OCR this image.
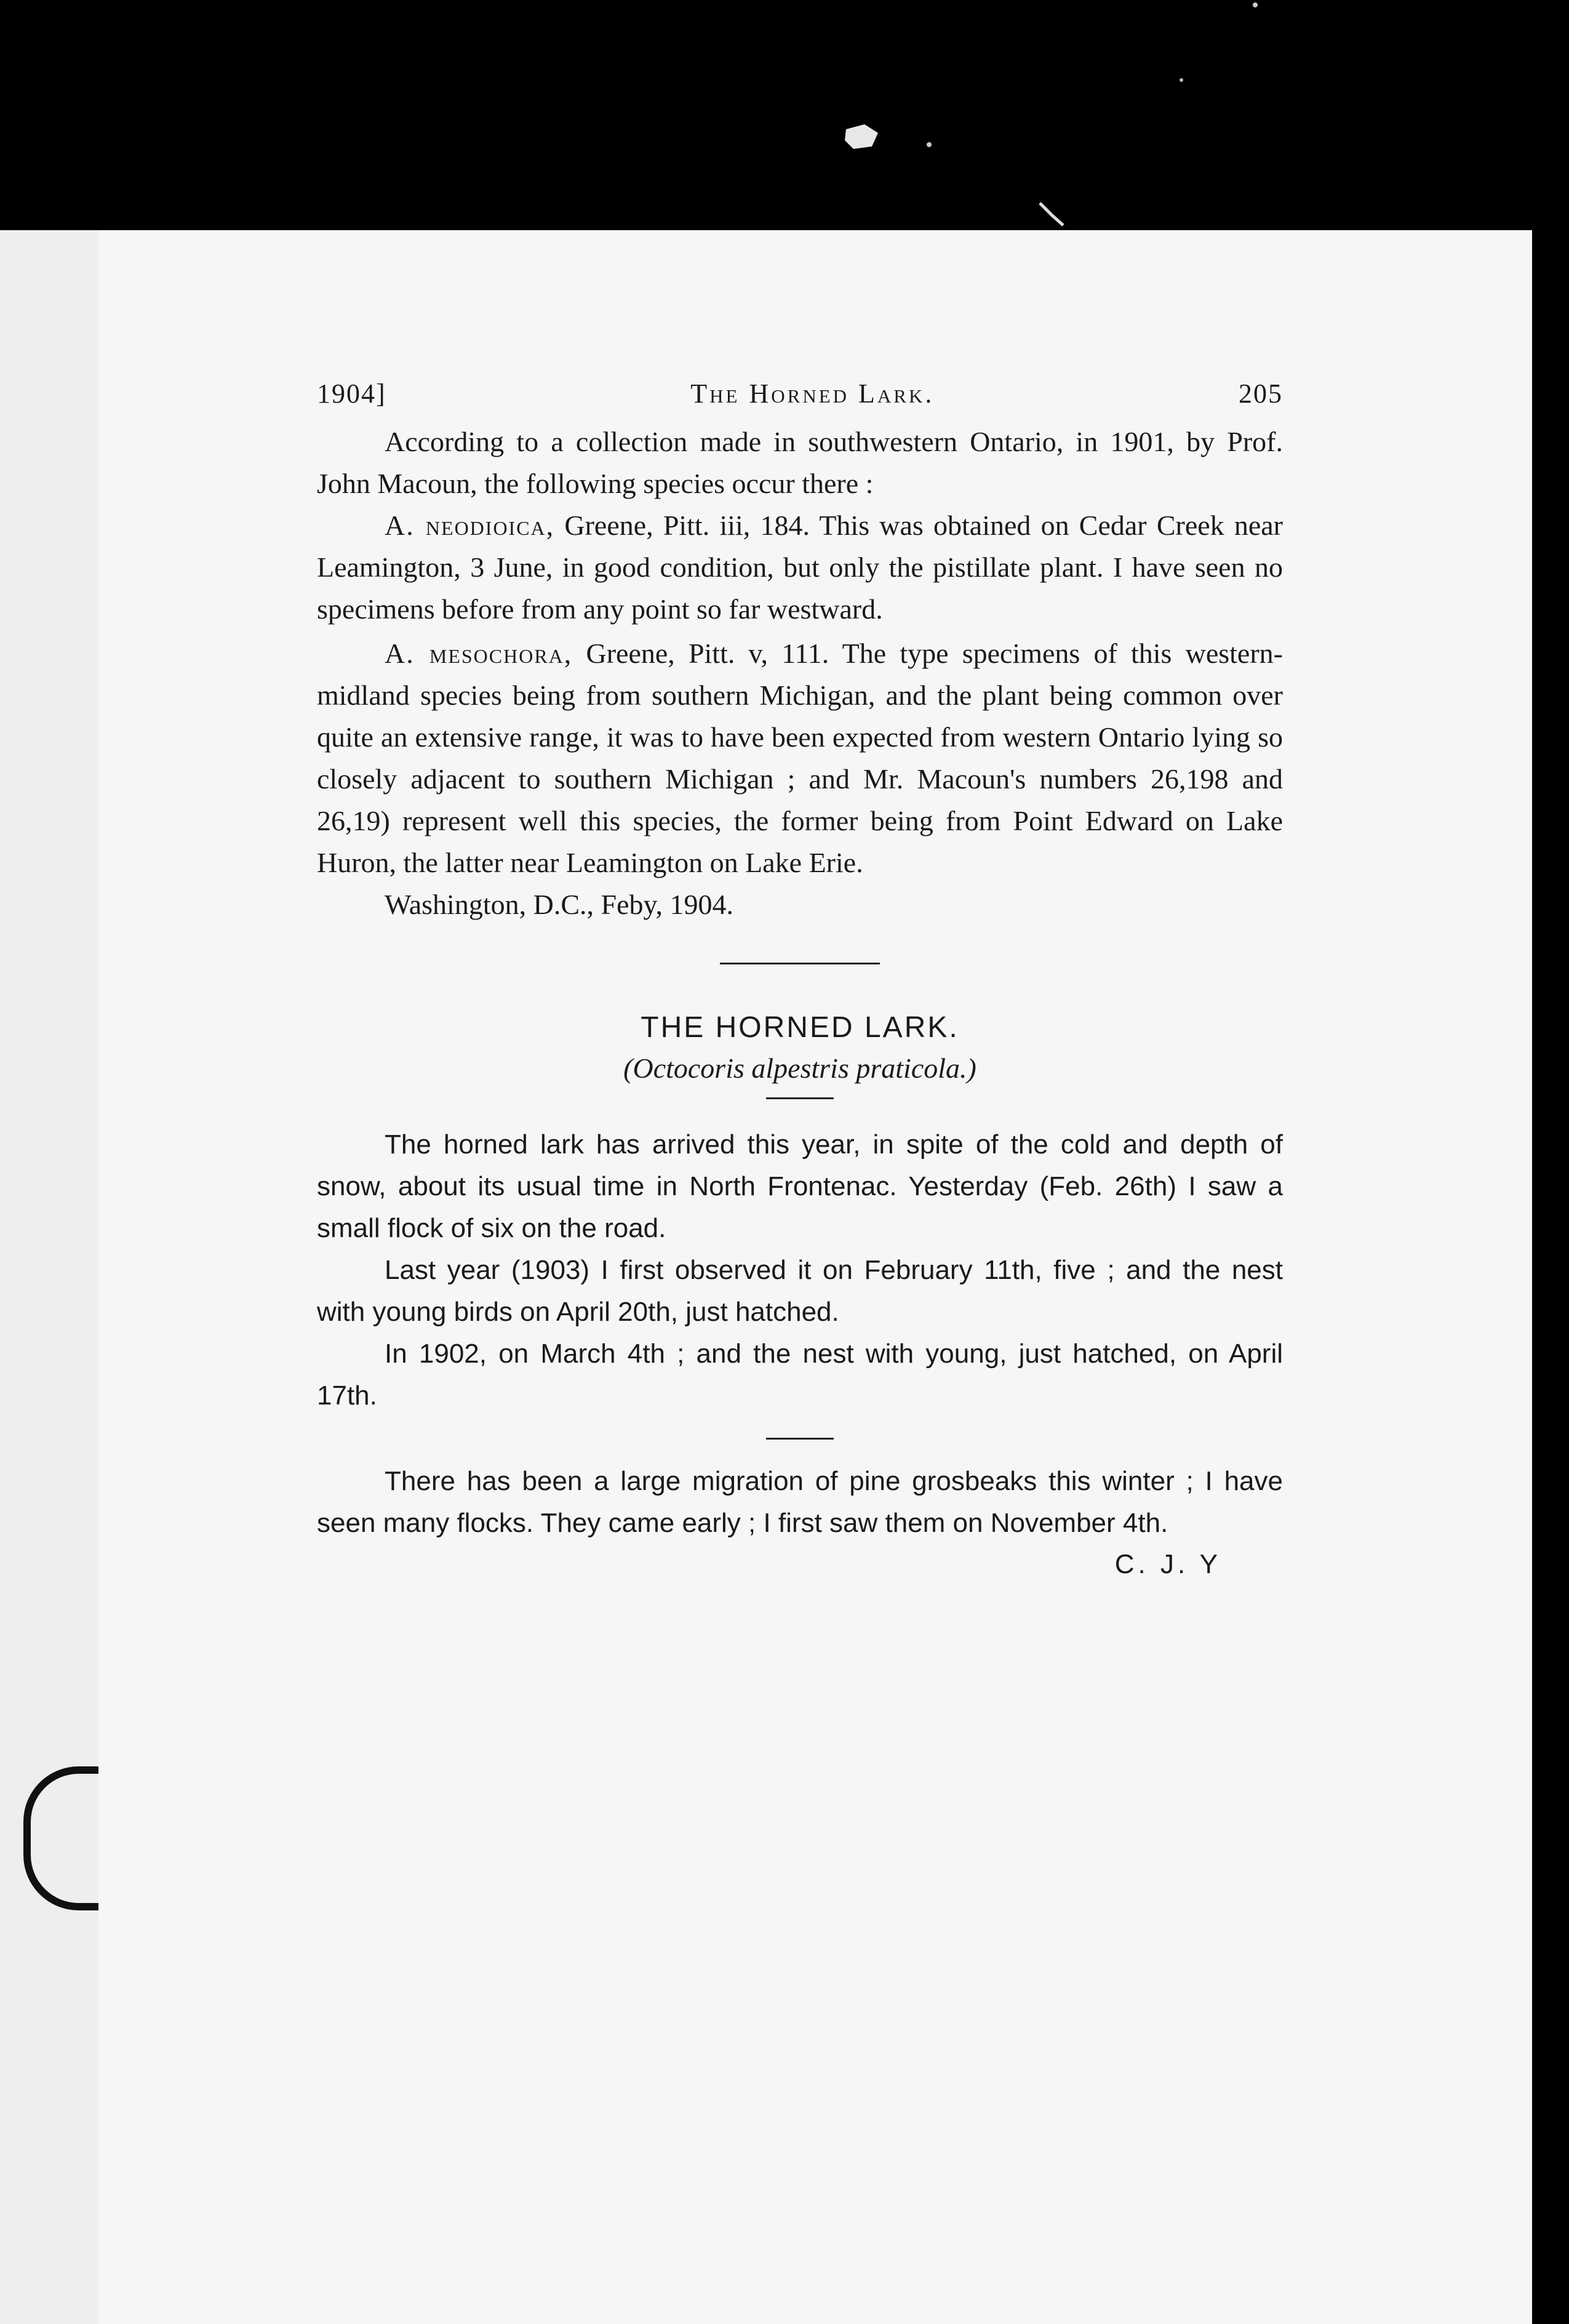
1904]	The Horned Lark.	205

According to a collection made in southwestern Ontario, in 1901, by Prof. John Macoun, the following species occur there :

A. neodioica, Greene, Pitt. iii, 184. This was obtained on Cedar Creek near Leamington, 3 June, in good condition, but only the pistillate plant. I have seen no specimens before from any point so far westward.

A. mesochora, Greene, Pitt. v, 111. The type specimens of this western-midland species being from southern Michigan, and the plant being common over quite an extensive range, it was to have been expected from western Ontario lying so closely adjacent to southern Michigan ; and Mr. Macoun's numbers 26,198 and 26,19) represent well this species, the former being from Point Edward on Lake Huron, the latter near Leamington on Lake Erie.

Washington, D.C., Feby, 1904.

THE HORNED LARK.
(Octocoris alpestris praticola.)

The horned lark has arrived this year, in spite of the cold and depth of snow, about its usual time in North Frontenac. Yesterday (Feb. 26th) I saw a small flock of six on the road.

Last year (1903) I first observed it on February 11th, five ; and the nest with young birds on April 20th, just hatched.

In 1902, on March 4th ; and the nest with young, just hatched, on April 17th.

There has been a large migration of pine grosbeaks this winter ; I have seen many flocks. They came early ; I first saw them on November 4th.

C. J. Y
